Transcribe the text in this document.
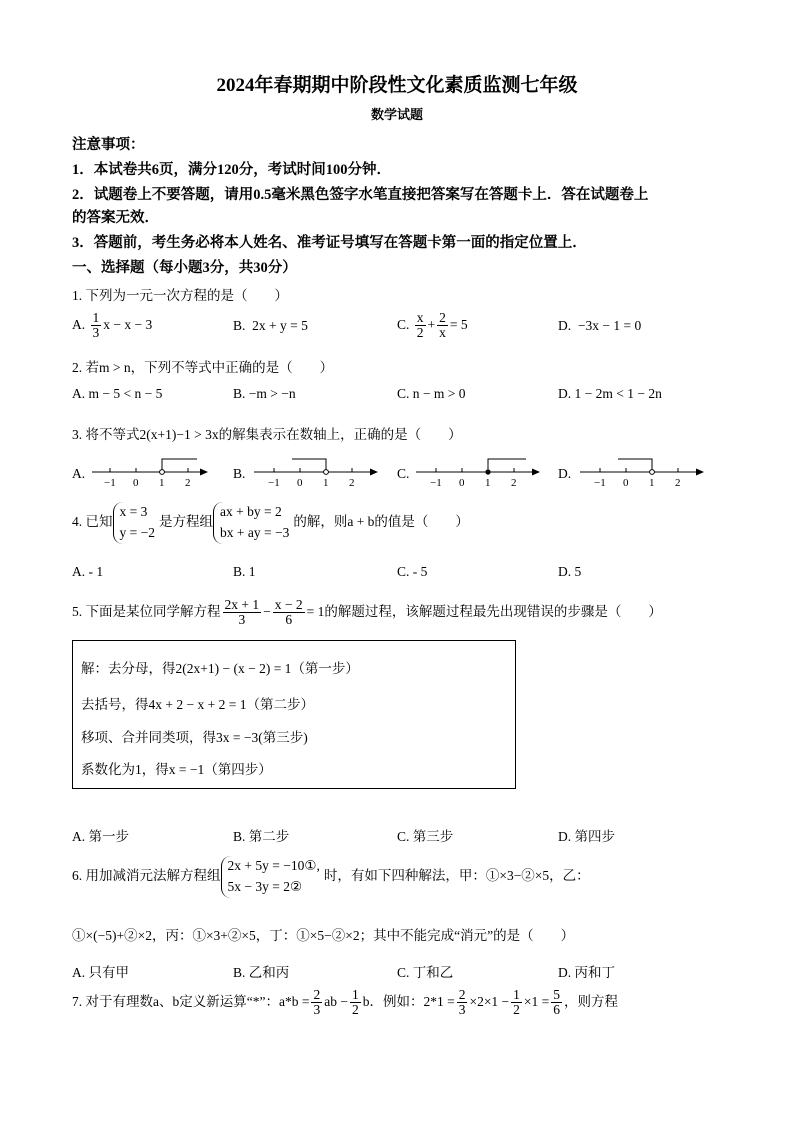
2024年春期期中阶段性文化素质监测七年级
数学试题
注意事项：
1．本试卷共6页，满分120分，考试时间100分钟．
2．试题卷上不要答题，请用0.5毫米黑色签字水笔直接把答案写在答题卡上．答在试题卷上
的答案无效．
3．答题前，考生务必将本人姓名、准考证号填写在答题卡第一面的指定位置上．
一、选择题（每小题3分，共30分）
1. 下列为一元一次方程的是（　　）
A. $\frac{1}{3}$ x − x − 3	B. 2x + y = 5	C. $\frac{x}{2} + \frac{2}{x} = 5$	D. −3x − 1 = 0
2. 若m > n，下列不等式中正确的是（　　）
A. m − 5 < n − 5	B. −m > −n	C. n − m > 0	D. 1 − 2m < 1 − 2n
3. 将不等式2(x+1)−1 > 3x的解集表示在数轴上，正确的是（　　）
A.	B.	C.	D.
−1 0 1 2	−1 0 1 2	−1 0 1 2	−1 0 1 2
4. 已知
x = 3
y = −2
是方程组
ax + by = 2
bx + ay = −3
的解，则a + b的值是（　　）
A. - 1	B. 1	C. - 5	D. 5
5. 下面是某位同学解方程 $\frac{2x + 1}{3} - \frac{x - 2}{6} = 1$的解题过程，该解题过程最先出现错误的步骤是（　　）
解：去分母，得2(2x+1) − (x − 2) = 1（第一步）
去括号，得4x + 2 − x + 2 = 1（第二步）
移项、合并同类项，得3x = −3(第三步)
系数化为1，得x = −1（第四步）
A. 第一步	B. 第二步	C. 第三步	D. 第四步
6. 用加减消元法解方程组
2x + 5y = −10①,
5x − 3y = 2②
时，有如下四种解法，甲：①×3−②×5，乙：
①×(−5)+②×2，丙：①×3+②×5，丁：①×5−②×2；其中不能完成“消元”的是（　　）
A. 只有甲	B. 乙和丙	C. 丁和乙	D. 丙和丁
7. 对于有理数a、b定义新运算“*”：$a*b = \frac{2}{3}$ ab − $\frac{1}{2}$ b．例如：$2*1 = \frac{2}{3} \times 2\times 1 - \frac{1}{2} \times 1 = \frac{5}{6}$ ，则方程
